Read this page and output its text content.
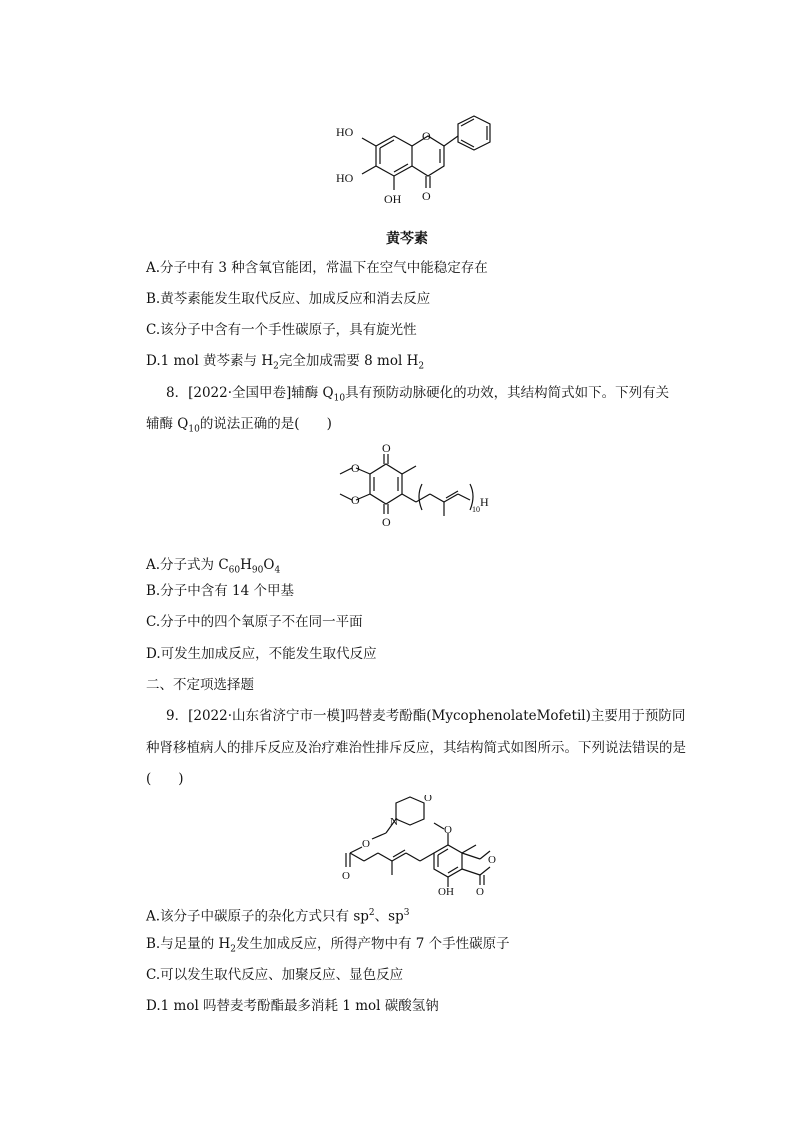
HO	O
HO
OH O
黄芩素
A.分子中有 3 种含氧官能团，常温下在空气中能稳定存在
B.黄芩素能发生取代反应、加成反应和消去反应
C.该分子中含有一个手性碳原子，具有旋光性
D.1 mol 黄芩素与 $H_2$完全加成需要 8 mol $H_2$
8．[2022·全国甲卷]辅酶 $Q_{10}$具有预防动脉硬化的功效，其结构简式如下。下列有关
辅酶 $Q_{10}$的说法正确的是(　　)
O
O
O
O
10
H
A.分子式为 $C_{60}H_{90}O_4$
B.分子中含有 14 个甲基
C.分子中的四个氧原子不在同一平面
D.可发生加成反应，不能发生取代反应
二、不定项选择题
9．[2022·山东省济宁市一模]吗替麦考酚酯(MycophenolateMofetil)主要用于预防同
种肾移植病人的排斥反应及治疗难治性排斥反应，其结构简式如图所示。下列说法错误的是
(　　)
N
O
O
O
O
OH
O
O
A.该分子中碳原子的杂化方式只有 $sp^2$、$sp^3$
B.与足量的 $H_2$发生加成反应，所得产物中有 7 个手性碳原子
C.可以发生取代反应、加聚反应、显色反应
D.1 mol 吗替麦考酚酯最多消耗 1 mol 碳酸氢钠
